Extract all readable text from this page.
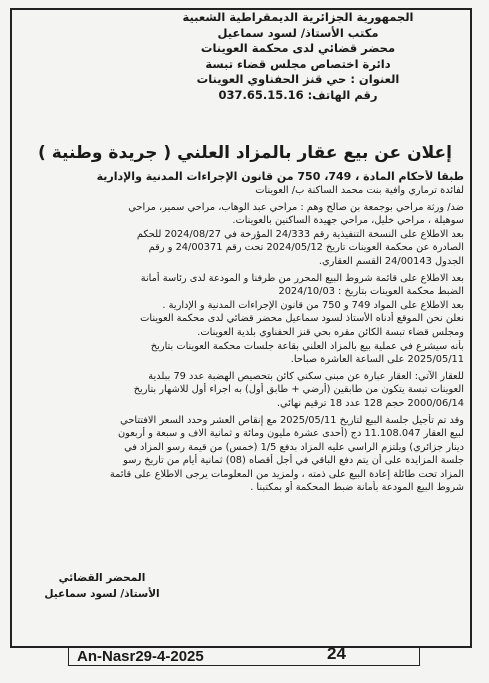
الجمهورية الجزائرية الديمقراطية الشعبية
مكتب الأستاذ/ لسود سماعيل
محضر قضائي لدى محكمة العوينات
دائرة اختصاص مجلس قضاء تبسة
العنوان : حي قنز الحفناوي العوينات
رقم الهاتف: 037.65.15.16
إعلان عن بيع عقار بالمزاد العلني ( جريدة وطنية )
طبقا لأحكام المادة ، 749، 750 من قانون الإجراءات المدنية والإدارية
لفائدة ترماري وافية بنت محمد الساكنة ب/ العوينات
ضد/ ورثة مراحي بوجمعة بن صالح وهم : مراحي عبد الوهاب، مراحي سمير، مراحي
سوهيلة ، مراحي خليل، مراحي جهيدة الساكنين بالعوينات.
بعد الاطلاع على النسخة التنفيذية رقم 24/333 المؤرخة في 2024/08/27 للحكم
الصادرة عن محكمة العوينات تاريخ 2024/05/12 تحت رقم 24/00371 و رقم
الجدول 24/00143 القسم العقاري.
بعد الاطلاع على قائمة شروط البيع المحرر من طرفنا و المودعة لدى رئاسة أمانة
الضبط محكمة العوينات بتاريخ : 2024/10/03
بعد الاطلاع على المواد 749 و 750 من قانون الإجراءات المدنية و الإدارية .
نعلن نحن الموقع أدناه الأستاذ لسود سماعيل محضر قضائي لدى محكمة العوينات
ومجلس قضاء تبسة الكائن مقره بحي قنز الحفناوي بلدية العوينات.
بأنه سيشرع في عملية بيع بالمزاد العلني بقاعة جلسات محكمة العوينات بتاريخ
2025/05/11 على الساعة العاشرة صباحا.
للعقار الآتي: العقار عبارة عن مبنى سكني كائن بتحصيص الهضبة عدد 79 ببلدية
العوينات تبسة يتكون من طابقين (أرضي + طابق أول) به اجراء أول للاشهار بتاريخ
2000/06/14 حجم 128 عدد 18 ترقيم نهائي.
وقد تم تأجيل جلسة البيع لتاريخ 2025/05/11 مع إنقاص العشر وحدد السعر الافتتاحي
لبيع العقار 11.108.047 دج (أحدى عشرة مليون ومائة و ثمانية الاف و سبعة و أربعون
دينار جزائري) ويلتزم الراسي عليه المزاد بدفع 1/5 (خمس) من قيمة رسو المزاد في
جلسة المزايدة على أن يتم دفع الباقي في أجل أقصاه (08) ثمانية أيام من تاريخ رسو
المزاد تحت طائلة إعادة البيع على ذمته ، ولمزيد من المعلومات يرجى الاطلاع على قائمة
شروط البيع المودعة بأمانة ضبط المحكمة أو بمكتبنا .
المحضر القضائي
الأستاذ/ لسود سماعيل
An-Nasr29-4-2025	24
